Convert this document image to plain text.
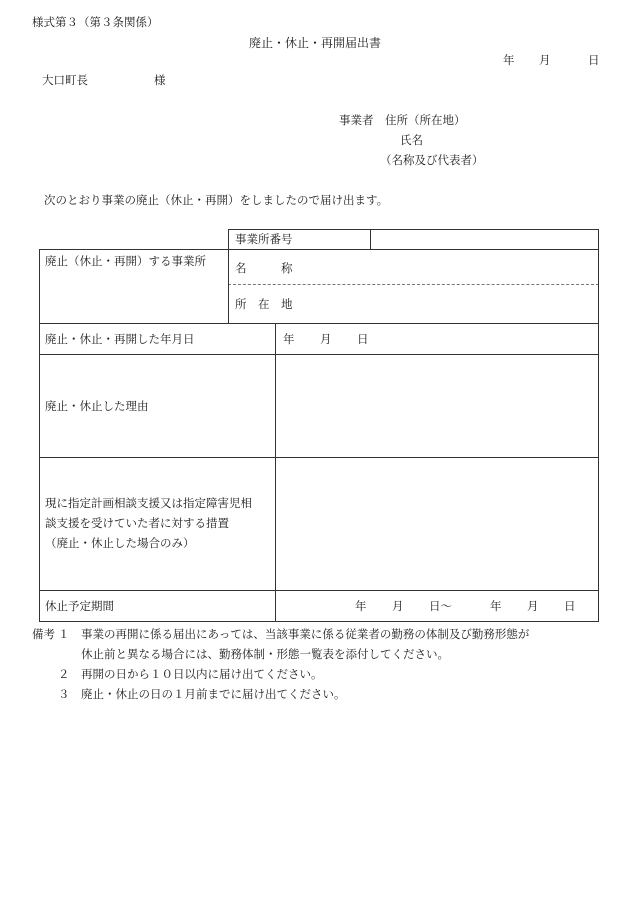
様式第３（第３条関係）
廃止・休止・再開届出書
年 月	日
大口町長	様
事業者 住所（所在地）
氏名
（名称及び代表者）
次のとおり事業の廃止（休止・再開）をしましたので届け出ます。
事業所番号
廃止（休止・再開）する事業所	名　　　称
所　在　地
廃止・休止・再開した年月日	年 月 日
廃止・休止した理由
現に指定計画相談支援又は指定障害児相
談支援を受けていた者に対する措置
（廃止・休止した場合のみ）
休止予定期間	年 月 日～	年 月 日
備考 １ 事業の再開に係る届出にあっては、当該事業に係る従業者の勤務の体制及び勤務形態が
休止前と異なる場合には、勤務体制・形態一覧表を添付してください。
２ 再開の日から１０日以内に届け出てください。
３ 廃止・休止の日の１月前までに届け出てください。
